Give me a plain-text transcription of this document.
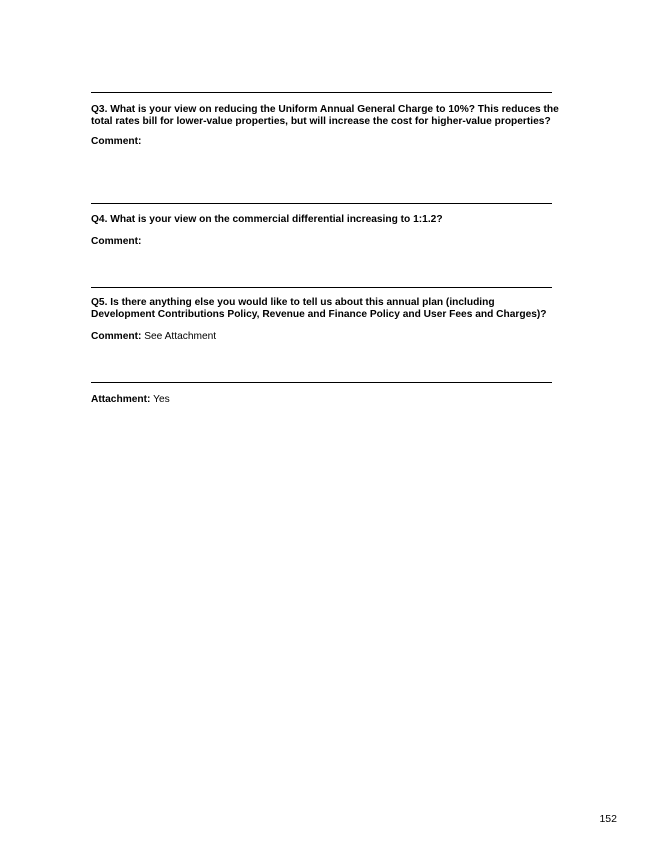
Q3. What is your view on reducing the Uniform Annual General Charge to 10%? This reduces the total rates bill for lower-value properties, but will increase the cost for higher-value properties?

Comment:

Q4. What is your view on the commercial differential increasing to 1:1.2?

Comment:

Q5. Is there anything else you would like to tell us about this annual plan (including Development Contributions Policy, Revenue and Finance Policy and User Fees and Charges)?

Comment: See Attachment

Attachment: Yes

152
